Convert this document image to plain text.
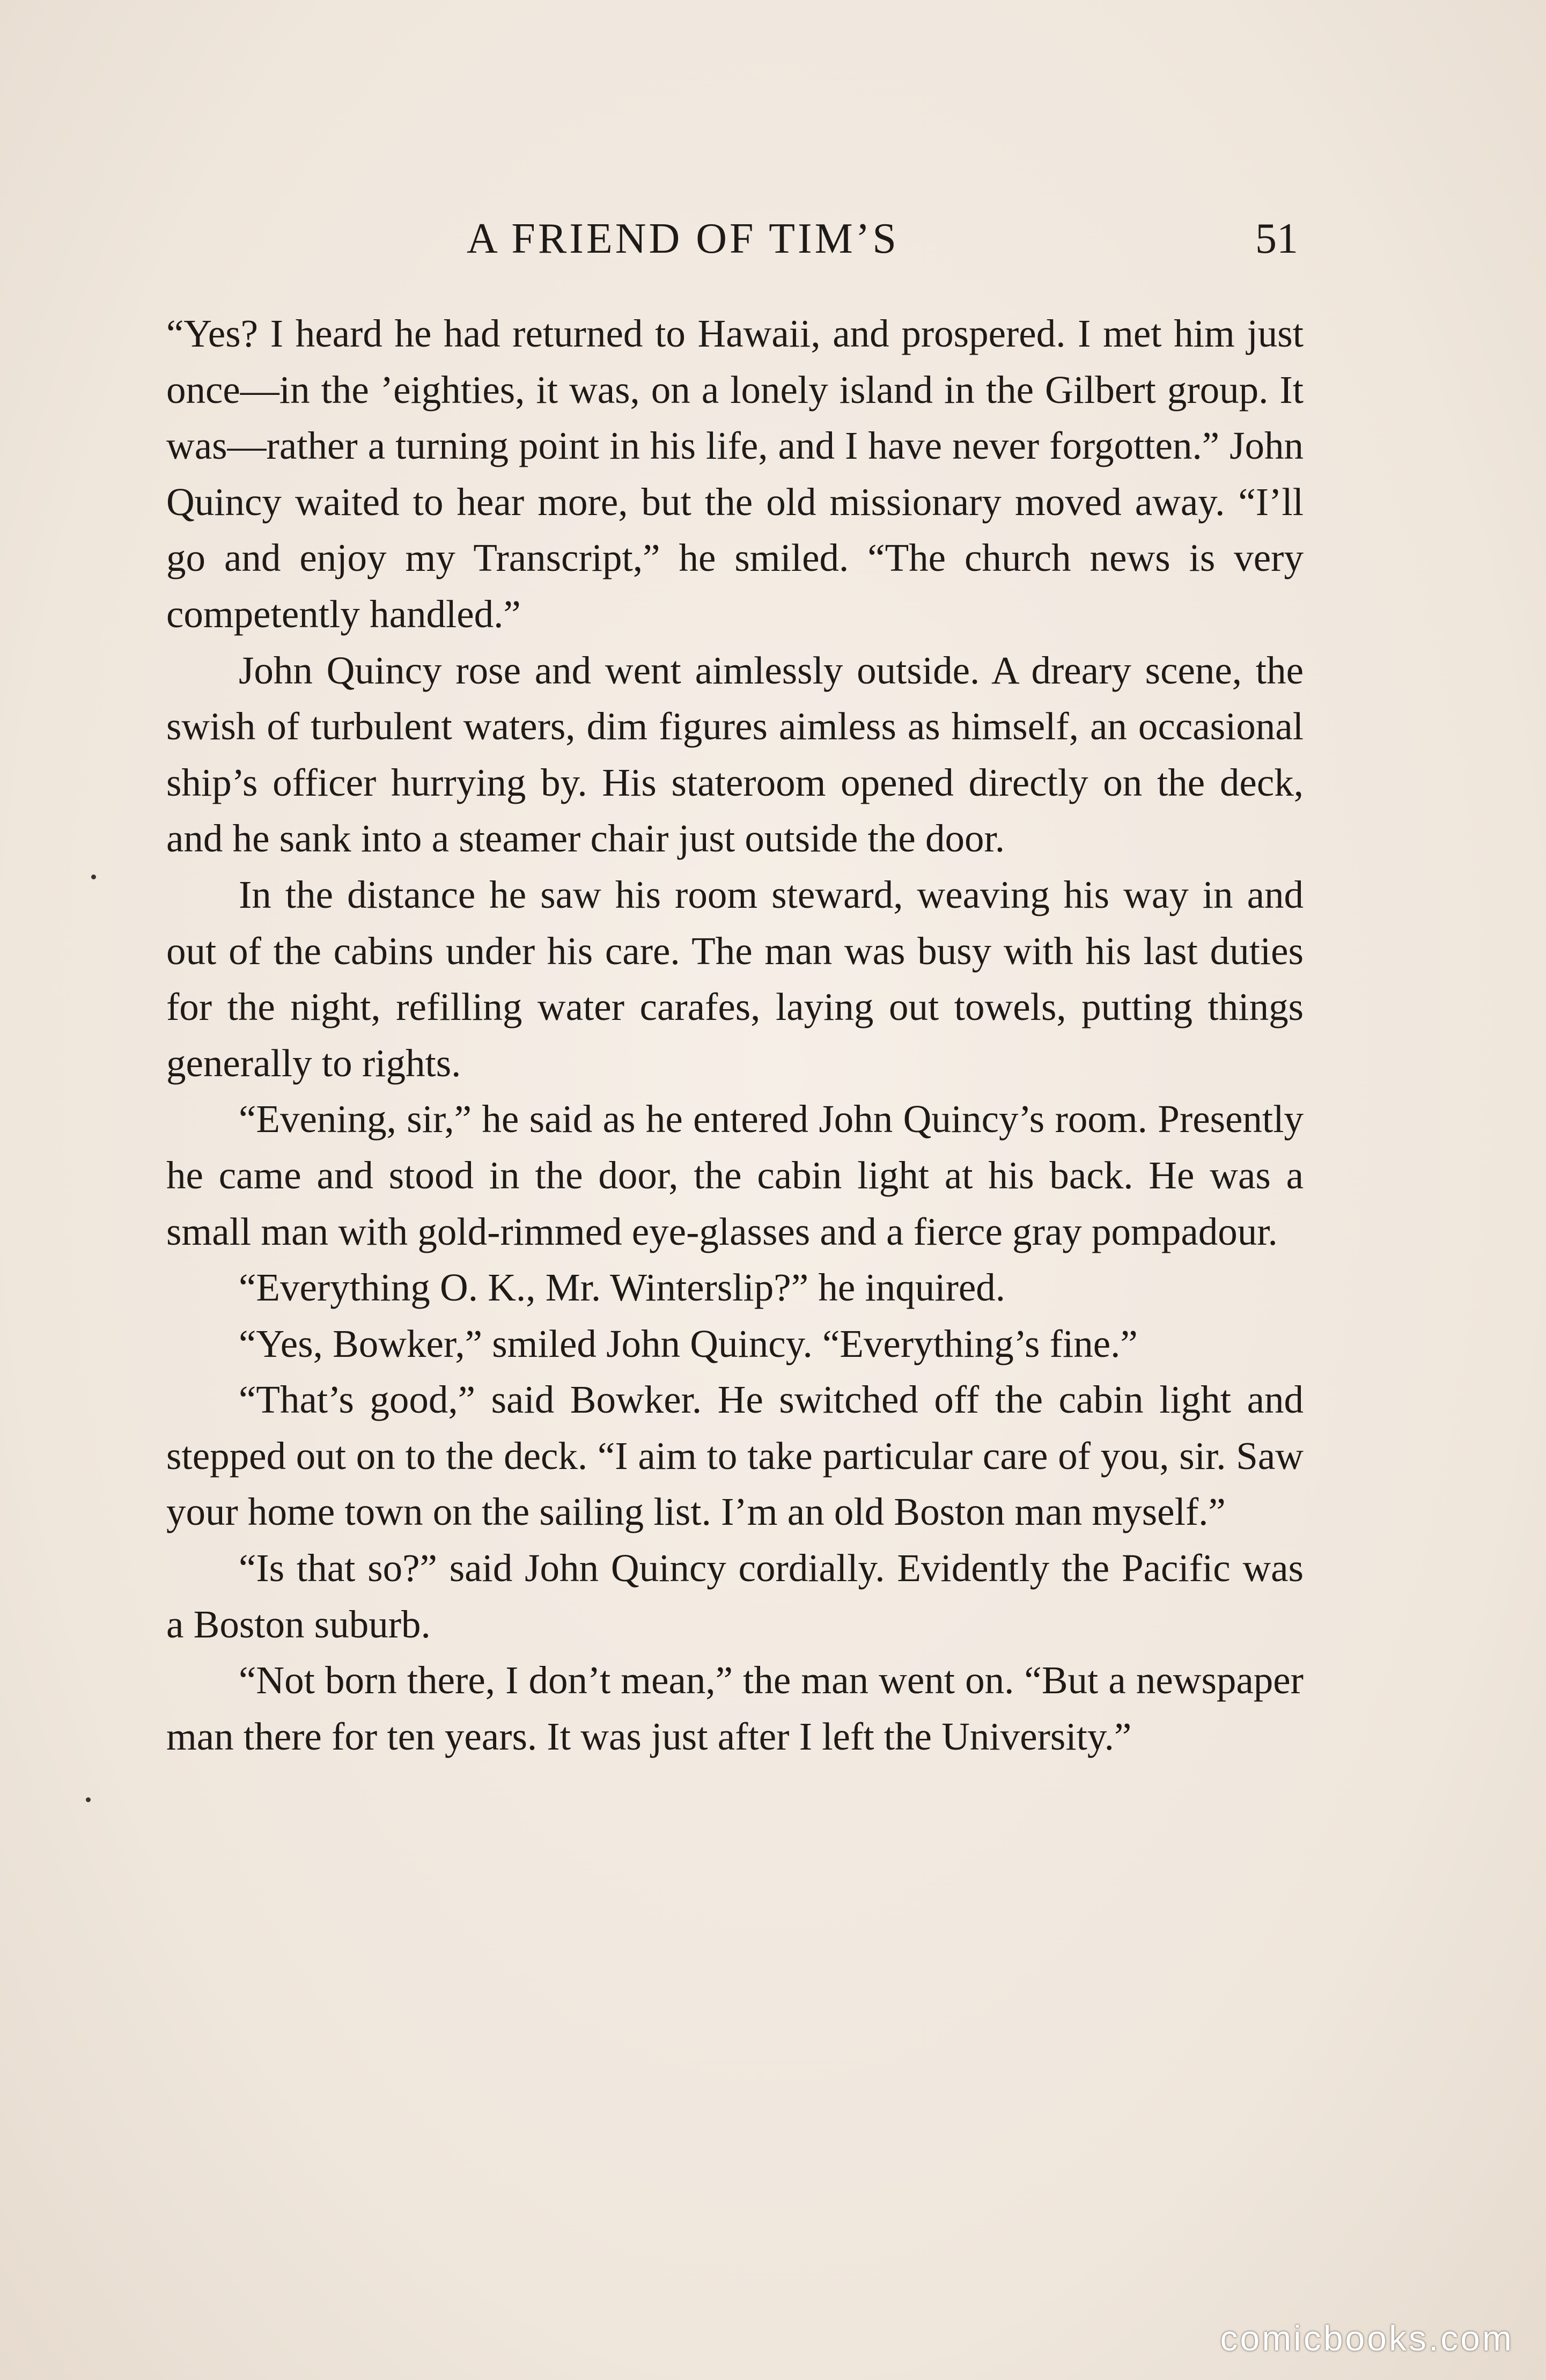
A FRIEND OF TIM’S	51

“Yes? I heard he had returned to Hawaii, and prospered. I met him just once—in the ’eighties, it was, on a lonely island in the Gilbert group. It was—rather a turning point in his life, and I have never forgotten.” John Quincy waited to hear more, but the old missionary moved away. “I’ll go and enjoy my Transcript,” he smiled. “The church news is very competently handled.”

John Quincy rose and went aimlessly outside. A dreary scene, the swish of turbulent waters, dim figures aimless as himself, an occasional ship’s officer hurrying by. His stateroom opened directly on the deck, and he sank into a steamer chair just outside the door.

In the distance he saw his room steward, weaving his way in and out of the cabins under his care. The man was busy with his last duties for the night, refilling water carafes, laying out towels, putting things generally to rights.

“Evening, sir,” he said as he entered John Quincy’s room. Presently he came and stood in the door, the cabin light at his back. He was a small man with gold-rimmed eye-glasses and a fierce gray pompadour.

“Everything O. K., Mr. Winterslip?” he inquired.

“Yes, Bowker,” smiled John Quincy. “Everything’s fine.”

“That’s good,” said Bowker. He switched off the cabin light and stepped out on to the deck. “I aim to take particular care of you, sir. Saw your home town on the sailing list. I’m an old Boston man myself.”

“Is that so?” said John Quincy cordially. Evidently the Pacific was a Boston suburb.

“Not born there, I don’t mean,” the man went on. “But a newspaper man there for ten years. It was just after I left the University.”

comicbooks.com
